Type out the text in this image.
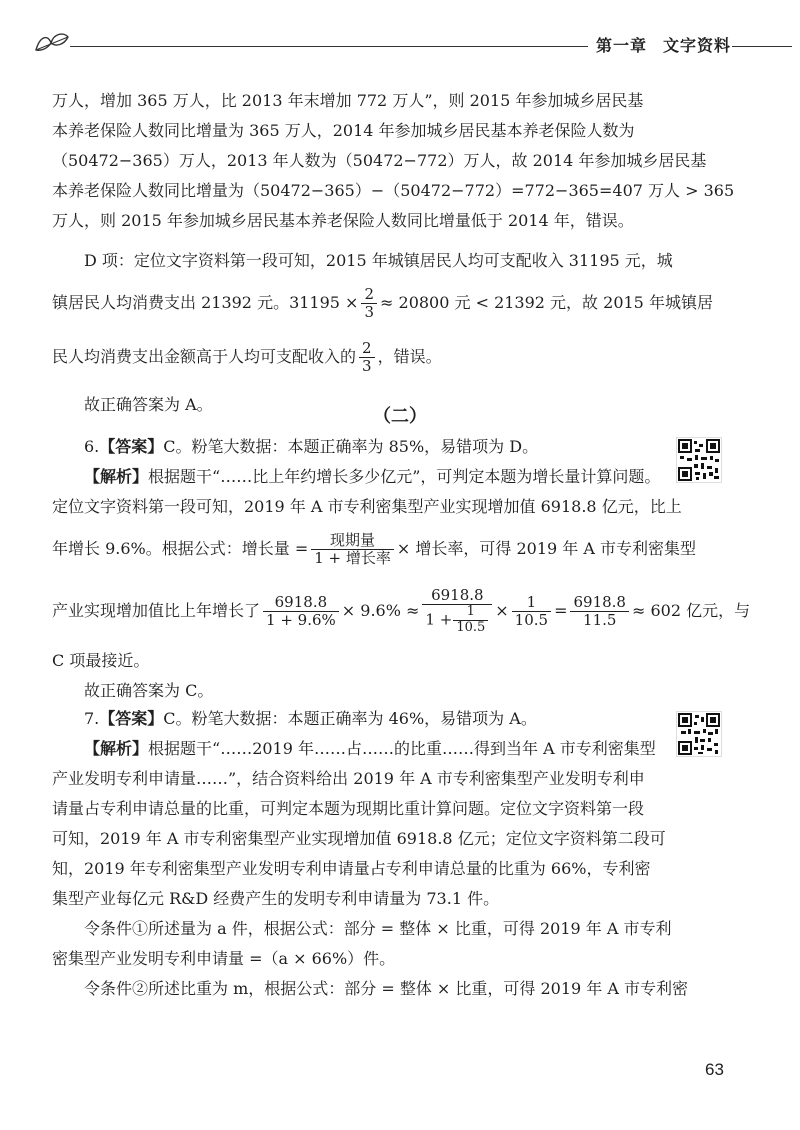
第一章 文字资料
万人，增加 365 万人，比 2013 年末增加 772 万人”，则 2015 年参加城乡居民基
本养老保险人数同比增量为 365 万人，2014 年参加城乡居民基本养老保险人数为
（50472−365）万人，2013 年人数为（50472−772）万人，故 2014 年参加城乡居民基
本养老保险人数同比增量为（50472−365）−（50472−772）=772−365=407 万人 > 365
万人，则 2015 年参加城乡居民基本养老保险人数同比增量低于 2014 年，错误。
D 项：定位文字资料第一段可知，2015 年城镇居民人均可支配收入 31195 元，城
镇居民人均消费支出 21392 元。$31195 \times \frac{2}{3} \approx 20800$ 元 < 21392 元，故 2015 年城镇居
民人均消费支出金额高于人均可支配收入的 $\frac{2}{3}$ ，错误。
故正确答案为 A。
（二）
6.【答案】C。粉笔大数据：本题正确率为 85%，易错项为 D。
【解析】根据题干“……比上年约增长多少亿元”，可判定本题为增长量计算问题。
定位文字资料第一段可知，2019 年 A 市专利密集型产业实现增加值 6918.8 亿元，比上
年增长 9.6%。根据公式：增长量 = $\frac{\text{现期量}}{\text{1 + 增长率}}$ × 增长率，可得 2019 年 A 市专利密集型
产业实现增加值比上年增长了 $\frac{6918.8}{1 + 9.6\%} \times 9.6\% \approx \frac{6918.8}{1 + \frac{1}{10.5}} \times \frac{1}{10.5} = \frac{6918.8}{11.5} \approx 602$ 亿元，与
C 项最接近。
故正确答案为 C。
7.【答案】C。粉笔大数据：本题正确率为 46%，易错项为 A。
【解析】根据题干“……2019 年……占……的比重……得到当年 A 市专利密集型
产业发明专利申请量……”，结合资料给出 2019 年 A 市专利密集型产业发明专利申
请量占专利申请总量的比重，可判定本题为现期比重计算问题。定位文字资料第一段
可知，2019 年 A 市专利密集型产业实现增加值 6918.8 亿元；定位文字资料第二段可
知，2019 年专利密集型产业发明专利申请量占专利申请总量的比重为 66%，专利密
集型产业每亿元 R&D 经费产生的发明专利申请量为 73.1 件。
令条件①所述量为 a 件，根据公式：部分 = 整体 × 比重，可得 2019 年 A 市专利
密集型产业发明专利申请量 =（a × 66%）件。
令条件②所述比重为 m，根据公式：部分 = 整体 × 比重，可得 2019 年 A 市专利密
63
